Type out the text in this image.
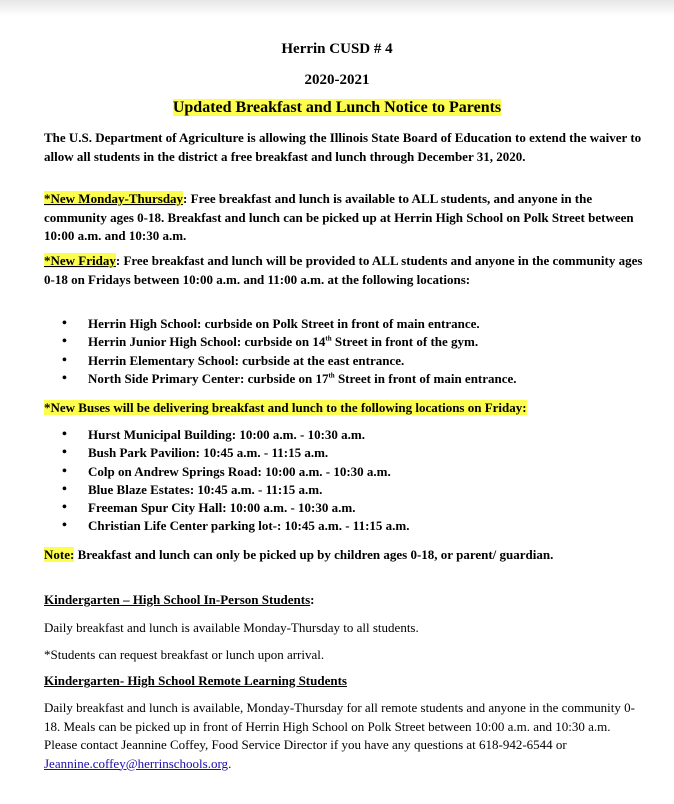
Herrin CUSD # 4
2020-2021
Updated Breakfast and Lunch Notice to Parents
The U.S. Department of Agriculture is allowing the Illinois State Board of Education to extend the waiver to allow all students in the district a free breakfast and lunch through December 31, 2020.
*New Monday-Thursday: Free breakfast and lunch is available to ALL students, and anyone in the community ages 0-18. Breakfast and lunch can be picked up at Herrin High School on Polk Street between 10:00 a.m. and 10:30 a.m.
*New Friday: Free breakfast and lunch will be provided to ALL students and anyone in the community ages 0-18 on Fridays between 10:00 a.m. and 11:00 a.m. at the following locations:
• Herrin High School: curbside on Polk Street in front of main entrance.
• Herrin Junior High School: curbside on 14th Street in front of the gym.
• Herrin Elementary School: curbside at the east entrance.
• North Side Primary Center: curbside on 17th Street in front of main entrance.
*New Buses will be delivering breakfast and lunch to the following locations on Friday:
• Hurst Municipal Building: 10:00 a.m. - 10:30 a.m.
• Bush Park Pavilion: 10:45 a.m. - 11:15 a.m.
• Colp on Andrew Springs Road: 10:00 a.m. - 10:30 a.m.
• Blue Blaze Estates: 10:45 a.m. - 11:15 a.m.
• Freeman Spur City Hall: 10:00 a.m. - 10:30 a.m.
• Christian Life Center parking lot-: 10:45 a.m. - 11:15 a.m.
Note: Breakfast and lunch can only be picked up by children ages 0-18, or parent/ guardian.
Kindergarten – High School In-Person Students:
Daily breakfast and lunch is available Monday-Thursday to all students.
*Students can request breakfast or lunch upon arrival.
Kindergarten- High School Remote Learning Students
Daily breakfast and lunch is available, Monday-Thursday for all remote students and anyone in the community 0-18. Meals can be picked up in front of Herrin High School on Polk Street between 10:00 a.m. and 10:30 a.m. Please contact Jeannine Coffey, Food Service Director if you have any questions at 618-942-6544 or Jeannine.coffey@herrinschools.org.
